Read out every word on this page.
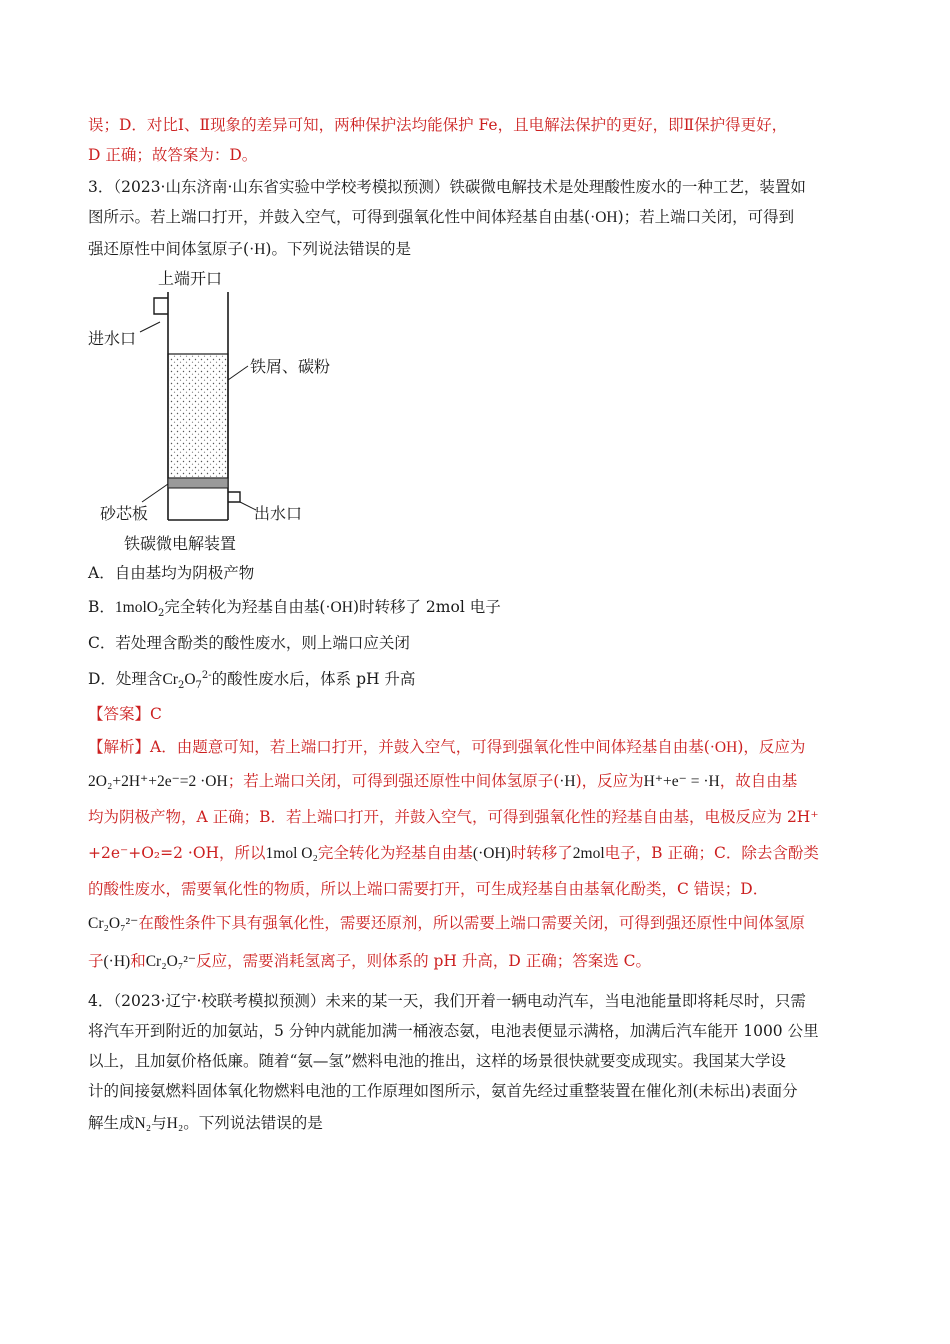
误；D．对比Ⅰ、Ⅱ现象的差异可知，两种保护法均能保护 Fe，且电解法保护的更好，即Ⅱ保护得更好，
D 正确；故答案为：D。
3．（2023·山东济南·山东省实验中学校考模拟预测）铁碳微电解技术是处理酸性废水的一种工艺，装置如
图所示。若上端口打开，并鼓入空气，可得到强氧化性中间体羟基自由基(·OH)；若上端口关闭，可得到
强还原性中间体氢原子(·H)。下列说法错误的是
上端开口
进水口
铁屑、碳粉
砂芯板	出水口
铁碳微电解装置
A．自由基均为阴极产物
B．1molO$_2$完全转化为羟基自由基(·OH)时转移了 2mol 电子
C．若处理含酚类的酸性废水，则上端口应关闭
D．处理含$Cr_2O_7^{2-}$的酸性废水后，体系 pH 升高
【答案】C
【解析】A．由题意可知，若上端口打开，并鼓入空气，可得到强氧化性中间体羟基自由基(·OH)，反应为
2O₂+2H⁺+2e⁻=2 ·OH；若上端口关闭，可得到强还原性中间体氢原子(·H)，反应为H⁺+e⁻ = ·H，故自由基
均为阴极产物，A 正确；B．若上端口打开，并鼓入空气，可得到强氧化性的羟基自由基，电极反应为 2H⁺
+2e⁻+O₂=2 ·OH，所以1mol O₂完全转化为羟基自由基(·OH)时转移了2mol电子，B 正确；C．除去含酚类
的酸性废水，需要氧化性的物质，所以上端口需要打开，可生成羟基自由基氧化酚类，C 错误；D．
Cr₂O₇²⁻在酸性条件下具有强氧化性，需要还原剂，所以需要上端口需要关闭，可得到强还原性中间体氢原
子(·H)和Cr₂O₇²⁻反应，需要消耗氢离子，则体系的 pH 升高，D 正确；答案选 C。
4．（2023·辽宁·校联考模拟预测）未来的某一天，我们开着一辆电动汽车，当电池能量即将耗尽时，只需
将汽车开到附近的加氨站，5 分钟内就能加满一桶液态氨，电池表便显示满格，加满后汽车能开 1000 公里
以上，且加氨价格低廉。随着“氨—氢”燃料电池的推出，这样的场景很快就要变成现实。我国某大学设
计的间接氨燃料固体氧化物燃料电池的工作原理如图所示，氨首先经过重整装置在催化剂(未标出)表面分
解生成N₂与H₂。下列说法错误的是
